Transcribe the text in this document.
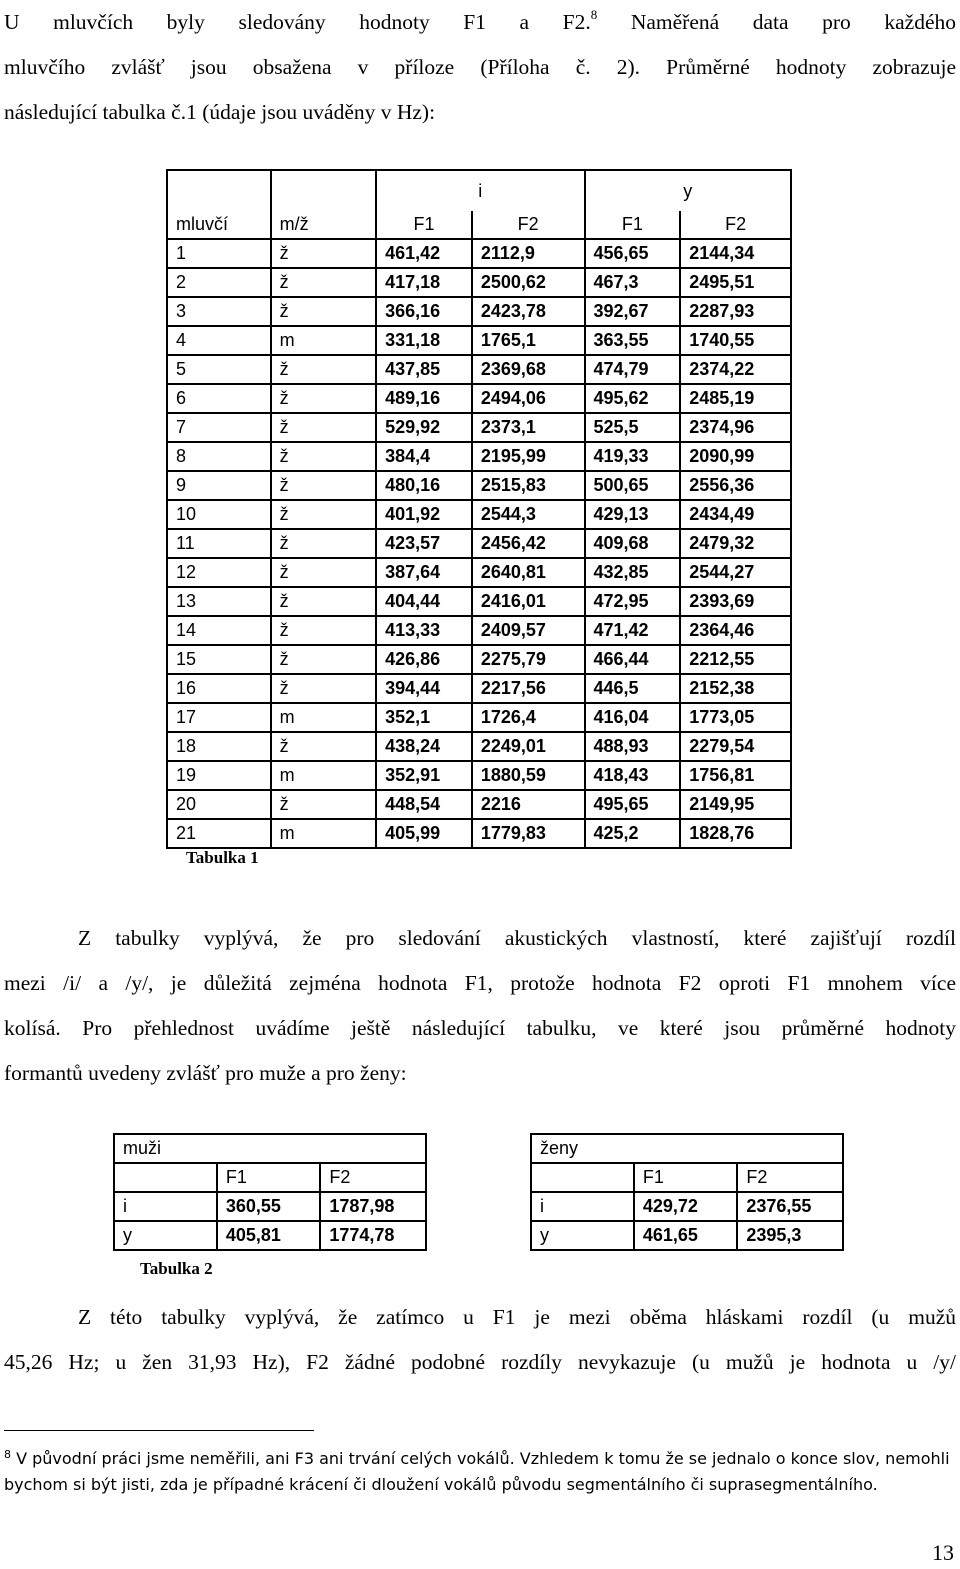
U mluvčích byly sledovány hodnoty F1 a F2.$^8$ Naměřená data pro každého
mluvčího zvlášť jsou obsažena v příloze (Příloha č. 2). Průměrné hodnoty zobrazuje
následující tabulka č.1 (údaje jsou uváděny v Hz):
		i		y	
mluvčí	m/ž	F1	F2	F1	F2
1	ž	461,42	2112,9	456,65	2144,34
2	ž	417,18	2500,62	467,3	2495,51
3	ž	366,16	2423,78	392,67	2287,93
4	m	331,18	1765,1	363,55	1740,55
5	ž	437,85	2369,68	474,79	2374,22
6	ž	489,16	2494,06	495,62	2485,19
7	ž	529,92	2373,1	525,5	2374,96
8	ž	384,4	2195,99	419,33	2090,99
9	ž	480,16	2515,83	500,65	2556,36
10	ž	401,92	2544,3	429,13	2434,49
11	ž	423,57	2456,42	409,68	2479,32
12	ž	387,64	2640,81	432,85	2544,27
13	ž	404,44	2416,01	472,95	2393,69
14	ž	413,33	2409,57	471,42	2364,46
15	ž	426,86	2275,79	466,44	2212,55
16	ž	394,44	2217,56	446,5	2152,38
17	m	352,1	1726,4	416,04	1773,05
18	ž	438,24	2249,01	488,93	2279,54
19	m	352,91	1880,59	418,43	1756,81
20	ž	448,54	2216	495,65	2149,95
21	m	405,99	1779,83	425,2	1828,76
Tabulka 1
Z tabulky vyplývá, že pro sledování akustických vlastností, které zajišťují rozdíl
mezi /i/ a /y/, je důležitá zejména hodnota F1, protože hodnota F2 oproti F1 mnohem více
kolísá. Pro přehlednost uvádíme ještě následující tabulku, ve které jsou průměrné hodnoty
formantů uvedeny zvlášť pro muže a pro ženy:
muži		
	F1	F2
i	360,55	1787,98
y	405,81	1774,78
ženy		
	F1	F2
i	429,72	2376,55
y	461,65	2395,3
Tabulka 2
Z této tabulky vyplývá, že zatímco u F1 je mezi oběma hláskami rozdíl (u mužů
45,26 Hz; u žen 31,93 Hz), F2 žádné podobné rozdíly nevykazuje (u mužů je hodnota u /y/
$^8$ V původní práci jsme neměřili, ani F3 ani trvání celých vokálů. Vzhledem k tomu že se jednalo o konce slov, nemohli bychom si být jisti, zda je případné krácení či dloužení vokálů původu segmentálního či suprasegmentálního.
13
